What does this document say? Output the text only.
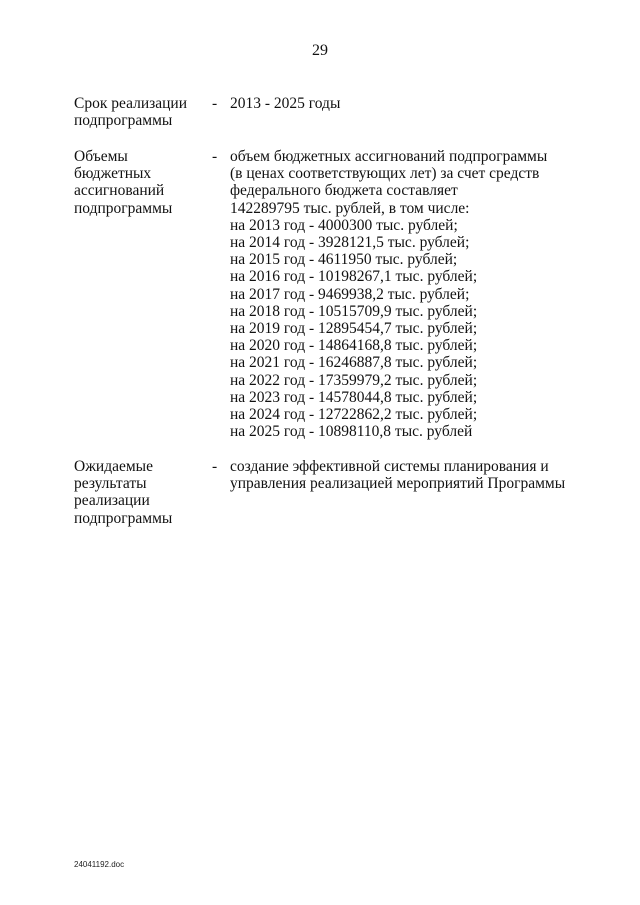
29
Срок реализации
подпрограммы
- 2013 - 2025 годы
Объемы
бюджетных
ассигнований
подпрограммы
- объем бюджетных ассигнований подпрограммы
(в ценах соответствующих лет) за счет средств
федерального бюджета составляет
142289795 тыс. рублей, в том числе:
на 2013 год - 4000300 тыс. рублей;
на 2014 год - 3928121,5 тыс. рублей;
на 2015 год - 4611950 тыс. рублей;
на 2016 год - 10198267,1 тыс. рублей;
на 2017 год - 9469938,2 тыс. рублей;
на 2018 год - 10515709,9 тыс. рублей;
на 2019 год - 12895454,7 тыс. рублей;
на 2020 год - 14864168,8 тыс. рублей;
на 2021 год - 16246887,8 тыс. рублей;
на 2022 год - 17359979,2 тыс. рублей;
на 2023 год - 14578044,8 тыс. рублей;
на 2024 год - 12722862,2 тыс. рублей;
на 2025 год - 10898110,8 тыс. рублей
Ожидаемые
результаты
реализации
подпрограммы
- создание эффективной системы планирования и
управления реализацией мероприятий Программы
24041192.doc
